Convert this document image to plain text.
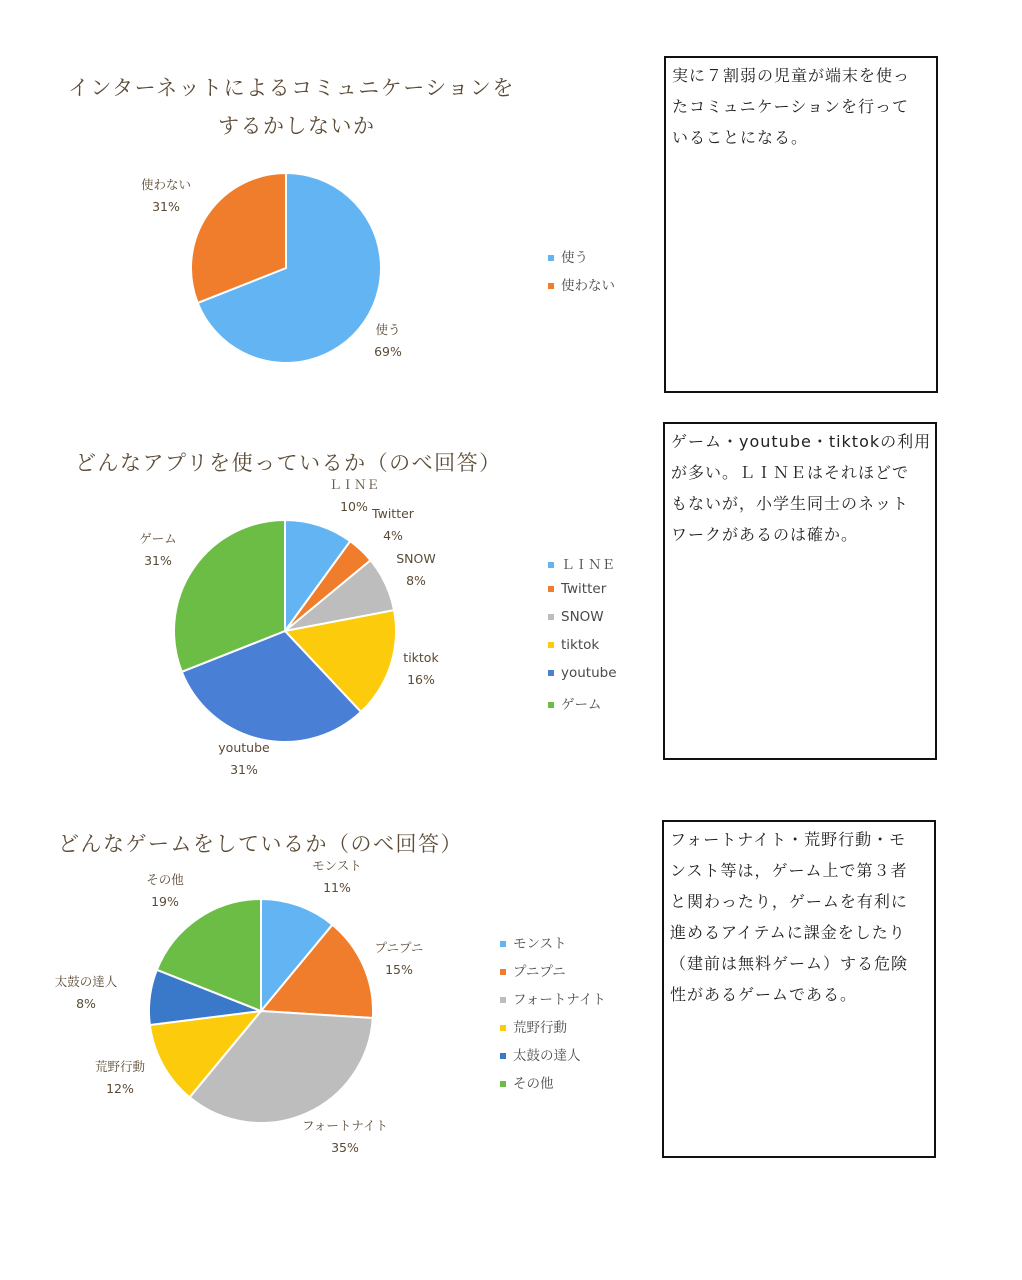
インターネットによるコミュニケーションを
するかしないか
使う
69%
使わない
31%
使う
使わない
どんなアプリを使っているか（のべ回答）
ＬＩＮＥ
10% Twitter
4%
SNOW
8%
tiktok
16%
youtube
31%
ゲーム
31%	ＬＩＮＥ
Twitter
SNOW
tiktok
youtube
ゲーム
どんなゲームをしているか（のべ回答）
モンスト
11%
プニプニ
15%
フォートナイト
35%
荒野行動
12%
太鼓の達人
8%
その他
19%
モンスト
プニプニ
フォートナイト
荒野行動
太鼓の達人
その他
実に７割弱の児童が端末を使っ
たコミュニケーションを行って
いることになる。
ゲーム・youtube・tiktokの利用
が多い。ＬＩＮＥはそれほどで
もないが，小学生同士のネット
ワークがあるのは確か。
フォートナイト・荒野行動・モ
ンスト等は，ゲーム上で第３者
と関わったり，ゲームを有利に
進めるアイテムに課金をしたり
（建前は無料ゲーム）する危険
性があるゲームである。
